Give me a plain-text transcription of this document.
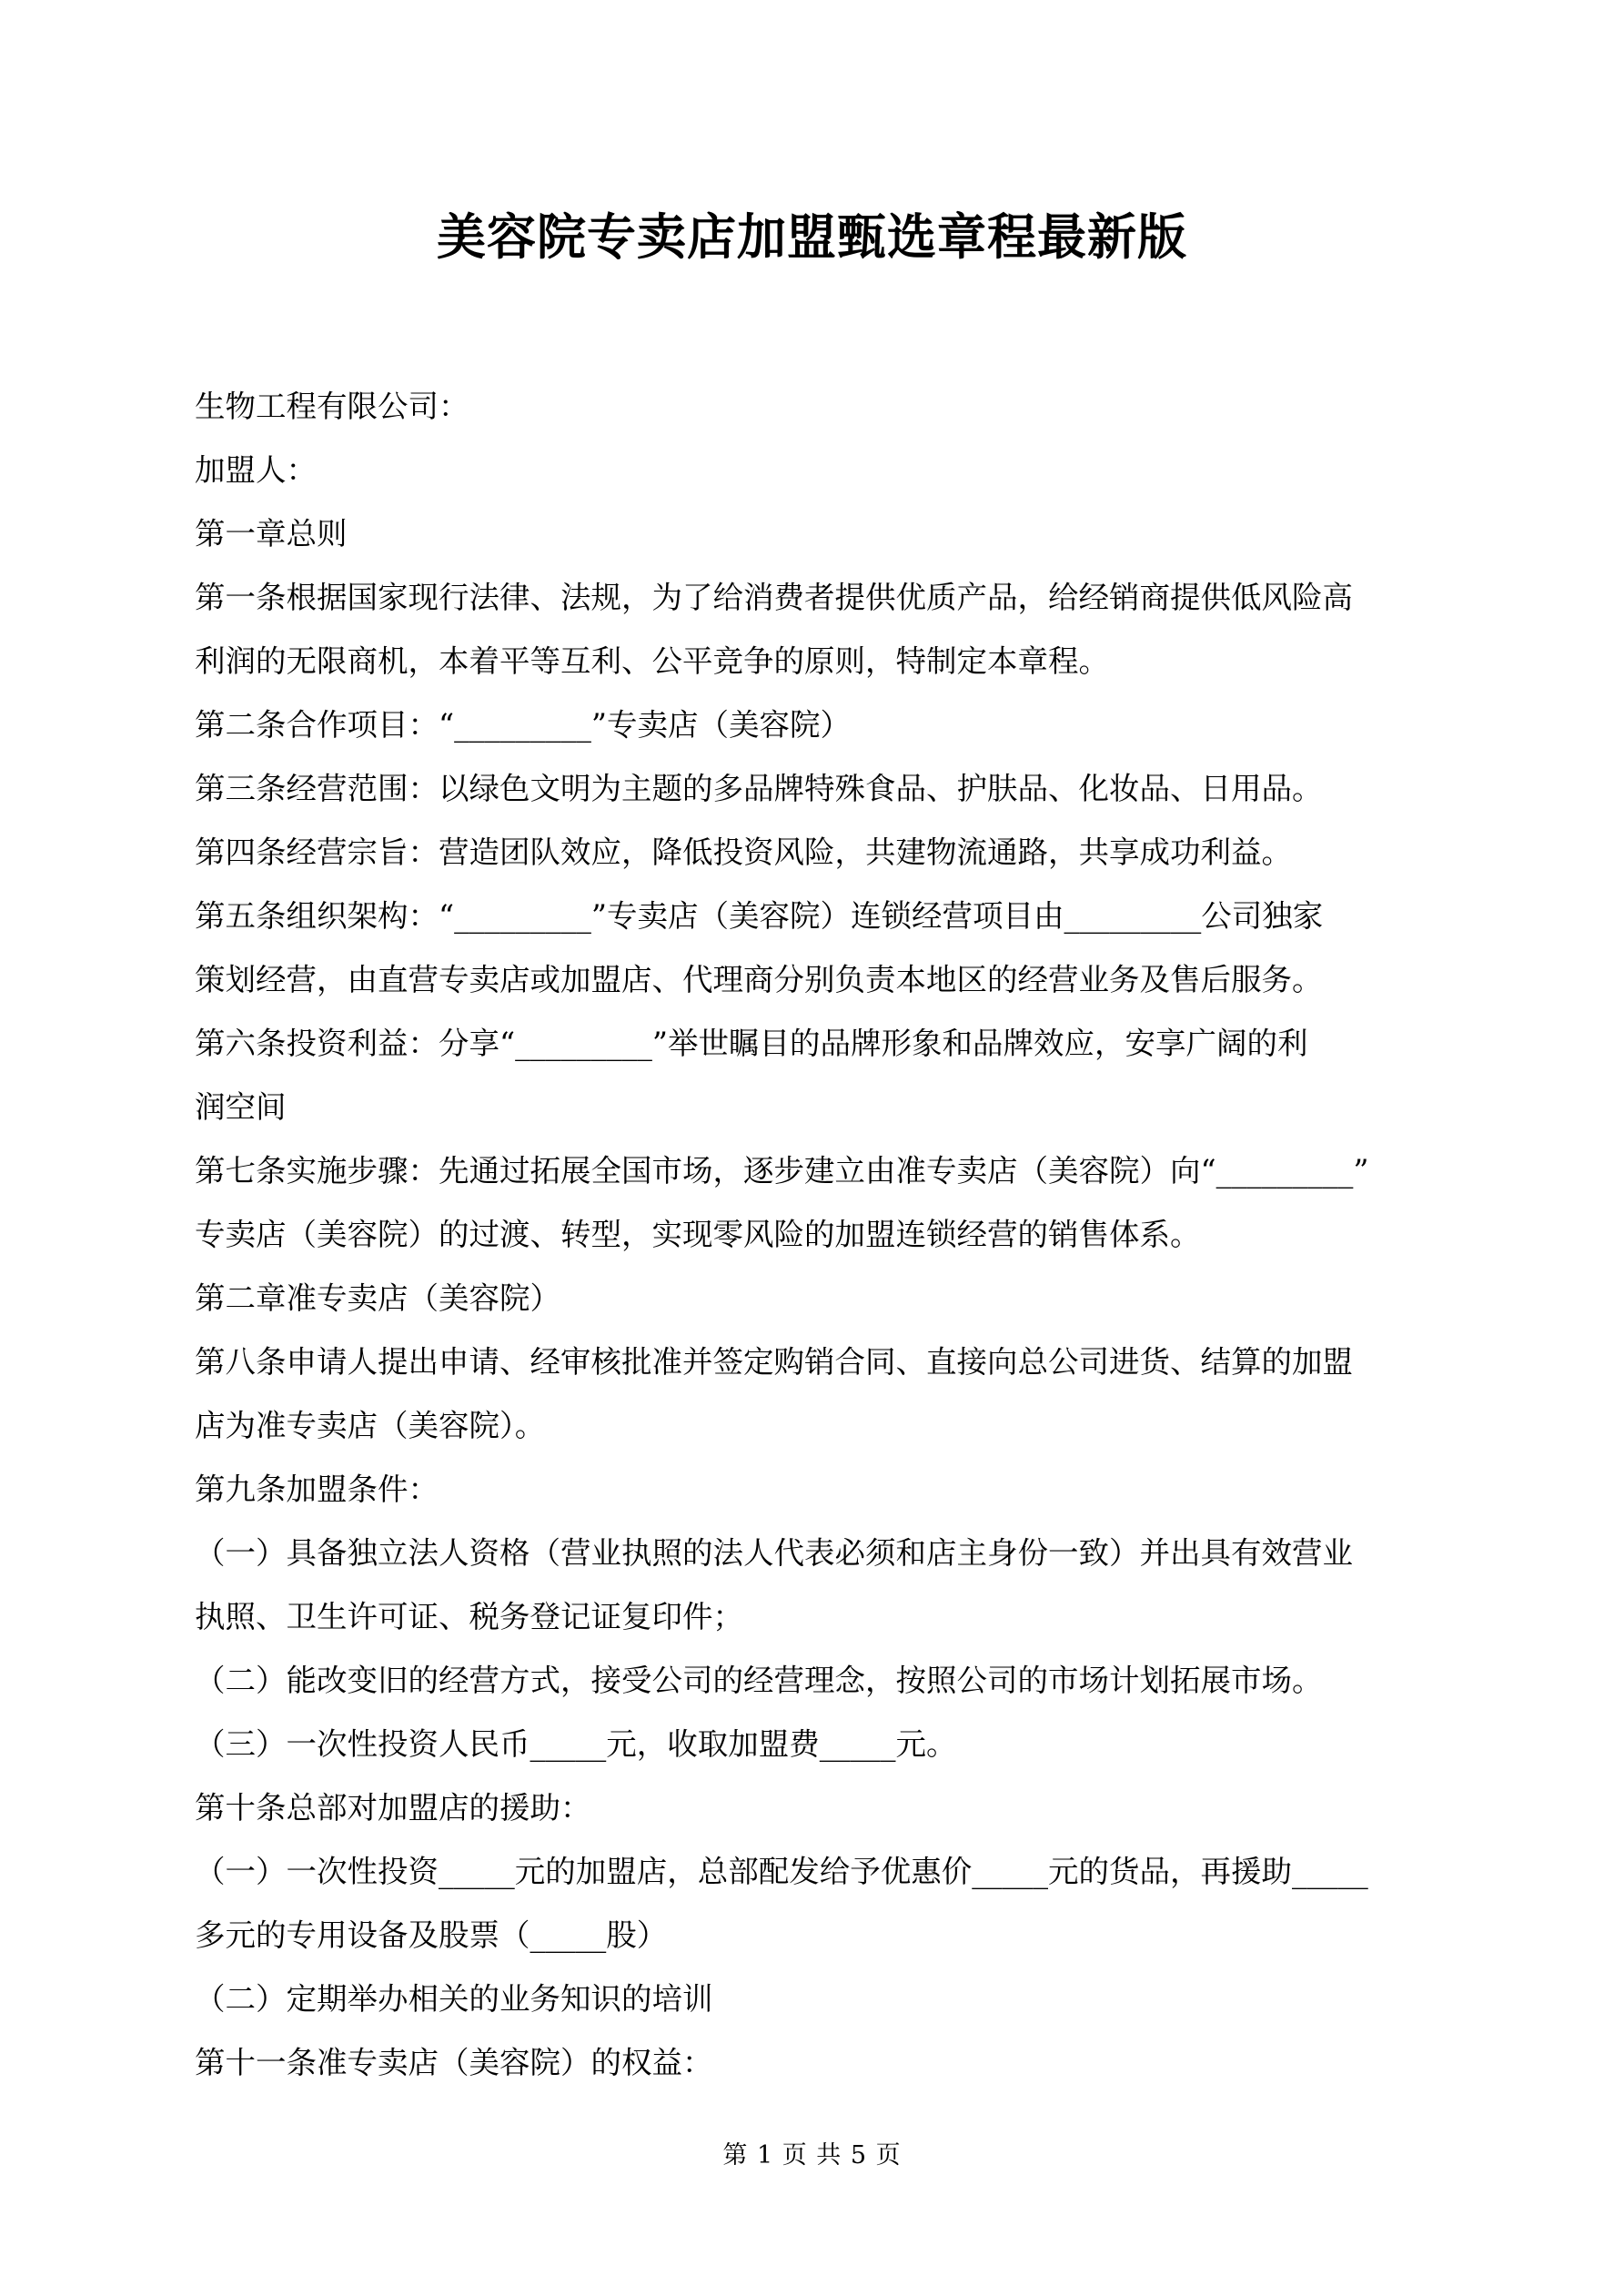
美容院专卖店加盟甄选章程最新版

生物工程有限公司：

加盟人：

第一章总则

第一条根据国家现行法律、法规，为了给消费者提供优质产品，给经销商提供低风险高

利润的无限商机，本着平等互利、公平竞争的原则，特制定本章程。

第二条合作项目：“_________”专卖店（美容院）

第三条经营范围：以绿色文明为主题的多品牌特殊食品、护肤品、化妆品、日用品。

第四条经营宗旨：营造团队效应，降低投资风险，共建物流通路，共享成功利益。

第五条组织架构：“_________”专卖店（美容院）连锁经营项目由_________公司独家

策划经营，由直营专卖店或加盟店、代理商分别负责本地区的经营业务及售后服务。

第六条投资利益：分享“_________”举世瞩目的品牌形象和品牌效应，安享广阔的利

润空间

第七条实施步骤：先通过拓展全国市场，逐步建立由准专卖店（美容院）向“_________”

专卖店（美容院）的过渡、转型，实现零风险的加盟连锁经营的销售体系。

第二章准专卖店（美容院）

第八条申请人提出申请、经审核批准并签定购销合同、直接向总公司进货、结算的加盟

店为准专卖店（美容院）。

第九条加盟条件：

（一）具备独立法人资格（营业执照的法人代表必须和店主身份一致）并出具有效营业

执照、卫生许可证、税务登记证复印件；

（二）能改变旧的经营方式，接受公司的经营理念，按照公司的市场计划拓展市场。

（三）一次性投资人民币_____元，收取加盟费_____元。

第十条总部对加盟店的援助：

（一）一次性投资_____元的加盟店，总部配发给予优惠价_____元的货品，再援助_____

多元的专用设备及股票（_____股）

（二）定期举办相关的业务知识的培训

第十一条准专卖店（美容院）的权益：

第 1 页 共 5 页
